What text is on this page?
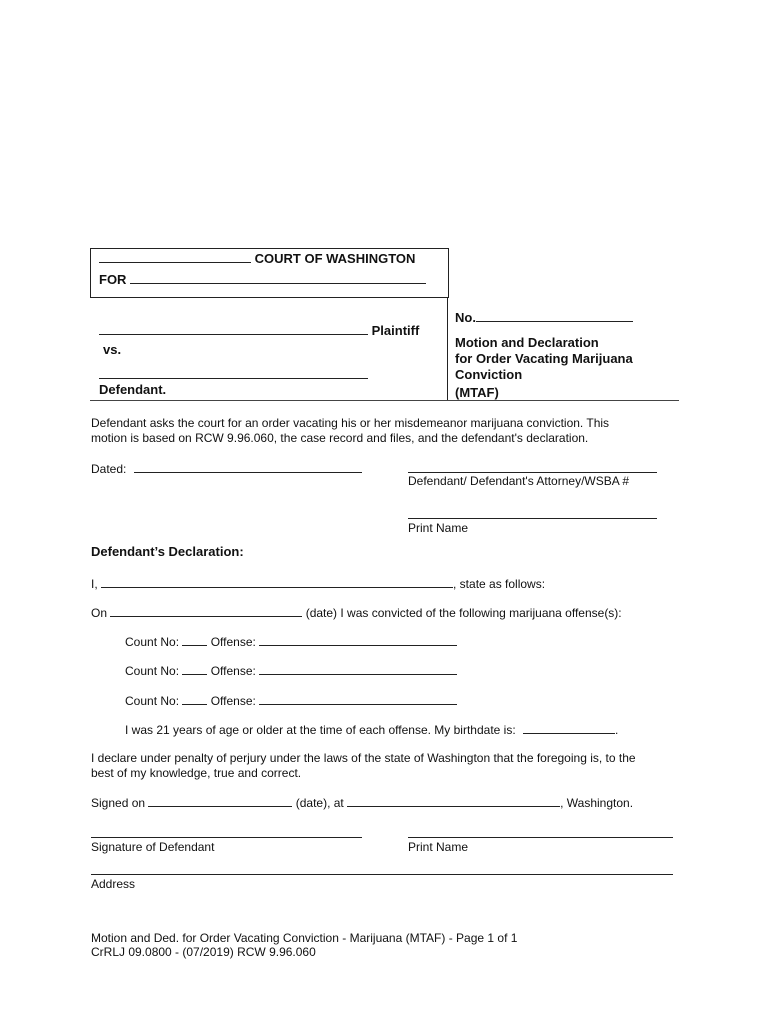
COURT OF WASHINGTON
FOR
Plaintiff
vs.
Defendant.
No.
Motion and Declaration
for Order Vacating Marijuana
Conviction
(MTAF)
Defendant asks the court for an order vacating his or her misdemeanor marijuana conviction. This
motion is based on RCW 9.96.060, the case record and files, and the defendant's declaration.
Dated:
Defendant/ Defendant's Attorney/WSBA #
Print Name
Defendant’s Declaration:
I,	, state as follows:
On	(date) I was convicted of the following marijuana offense(s):
Count No:	Offense:
Count No:	Offense:
Count No:	Offense:
I was 21 years of age or older at the time of each offense. My birthdate is:	.
I declare under penalty of perjury under the laws of the state of Washington that the foregoing is, to the
best of my knowledge, true and correct.
Signed on	(date), at	, Washington.
Signature of Defendant	Print Name
Address
Motion and Ded. for Order Vacating Conviction - Marijuana (MTAF) - Page 1 of 1
CrRLJ 09.0800 - (07/2019) RCW 9.96.060
